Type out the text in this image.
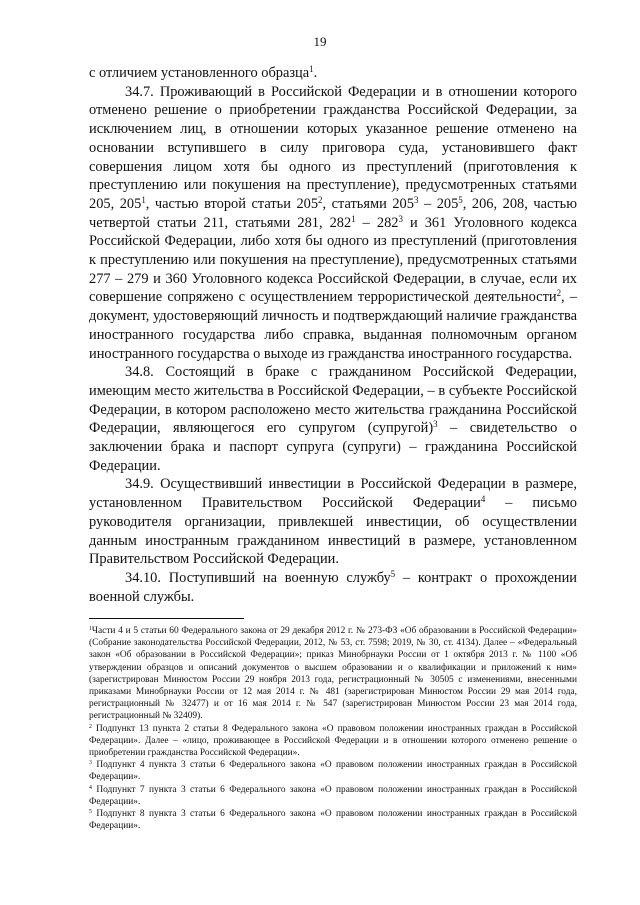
19

с отличием установленного образца$^1$.

34.7. Проживающий в Российской Федерации и в отношении которого отменено решение о приобретении гражданства Российской Федерации, за исключением лиц, в отношении которых указанное решение отменено на основании вступившего в силу приговора суда, установившего факт совершения лицом хотя бы одного из преступлений (приготовления к преступлению или покушения на преступление), предусмотренных статьями 205, $205^1$, частью второй статьи $205^2$, статьями $205^3 - 205^5$, 206, 208, частью четвертой статьи 211, статьями 281, $282^1 - 282^3$ и 361 Уголовного кодекса Российской Федерации, либо хотя бы одного из преступлений (приготовления к преступлению или покушения на преступление), предусмотренных статьями 277 – 279 и 360 Уголовного кодекса Российской Федерации, в случае, если их совершение сопряжено с осуществлением террористической деятельности$^2$, – документ, удостоверяющий личность и подтверждающий наличие гражданства иностранного государства либо справка, выданная полномочным органом иностранного государства о выходе из гражданства иностранного государства.

34.8. Состоящий в браке с гражданином Российской Федерации, имеющим место жительства в Российской Федерации, – в субъекте Российской Федерации, в котором расположено место жительства гражданина Российской Федерации, являющегося его супругом (супругой)$^3$ – свидетельство о заключении брака и паспорт супруга (супруги) – гражданина Российской Федерации.

34.9. Осуществивший инвестиции в Российской Федерации в размере, установленном Правительством Российской Федерации$^4$ – письмо руководителя организации, привлекшей инвестиции, об осуществлении данным иностранным гражданином инвестиций в размере, установленном Правительством Российской Федерации.

34.10. Поступивший на военную службу$^5$ – контракт о прохождении военной службы.

$^1$Части 4 и 5 статьи 60 Федерального закона от 29 декабря 2012 г. № 273-ФЗ «Об образовании в Российской Федерации» (Собрание законодательства Российской Федерации, 2012, № 53, ст. 7598; 2019, № 30, ст. 4134). Далее – «Федеральный закон «Об образовании в Российской Федерации»; приказ Минобрнауки России от 1 октября 2013 г. № 1100 «Об утверждении образцов и описаний документов о высшем образовании и о квалификации и приложений к ним» (зарегистрирован Минюстом России 29 ноября 2013 года, регистрационный № 30505 с изменениями, внесенными приказами Минобрнауки России от 12 мая 2014 г. № 481 (зарегистрирован Минюстом России 29 мая 2014 года, регистрационный № 32477) и от 16 мая 2014 г. № 547 (зарегистрирован Минюстом России 23 мая 2014 года, регистрационный № 32409).

$^2$ Подпункт 13 пункта 2 статьи 8 Федерального закона «О правовом положении иностранных граждан в Российской Федерации». Далее – «лицо, проживающее в Российской Федерации и в отношении которого отменено решение о приобретении гражданства Российской Федерации».

$^3$ Подпункт 4 пункта 3 статьи 6 Федерального закона «О правовом положении иностранных граждан в Российской Федерации».

$^4$ Подпункт 7 пункта 3 статьи 6 Федерального закона «О правовом положении иностранных граждан в Российской Федерации».

$^5$ Подпункт 8 пункта 3 статьи 6 Федерального закона «О правовом положении иностранных граждан в Российской Федерации».
